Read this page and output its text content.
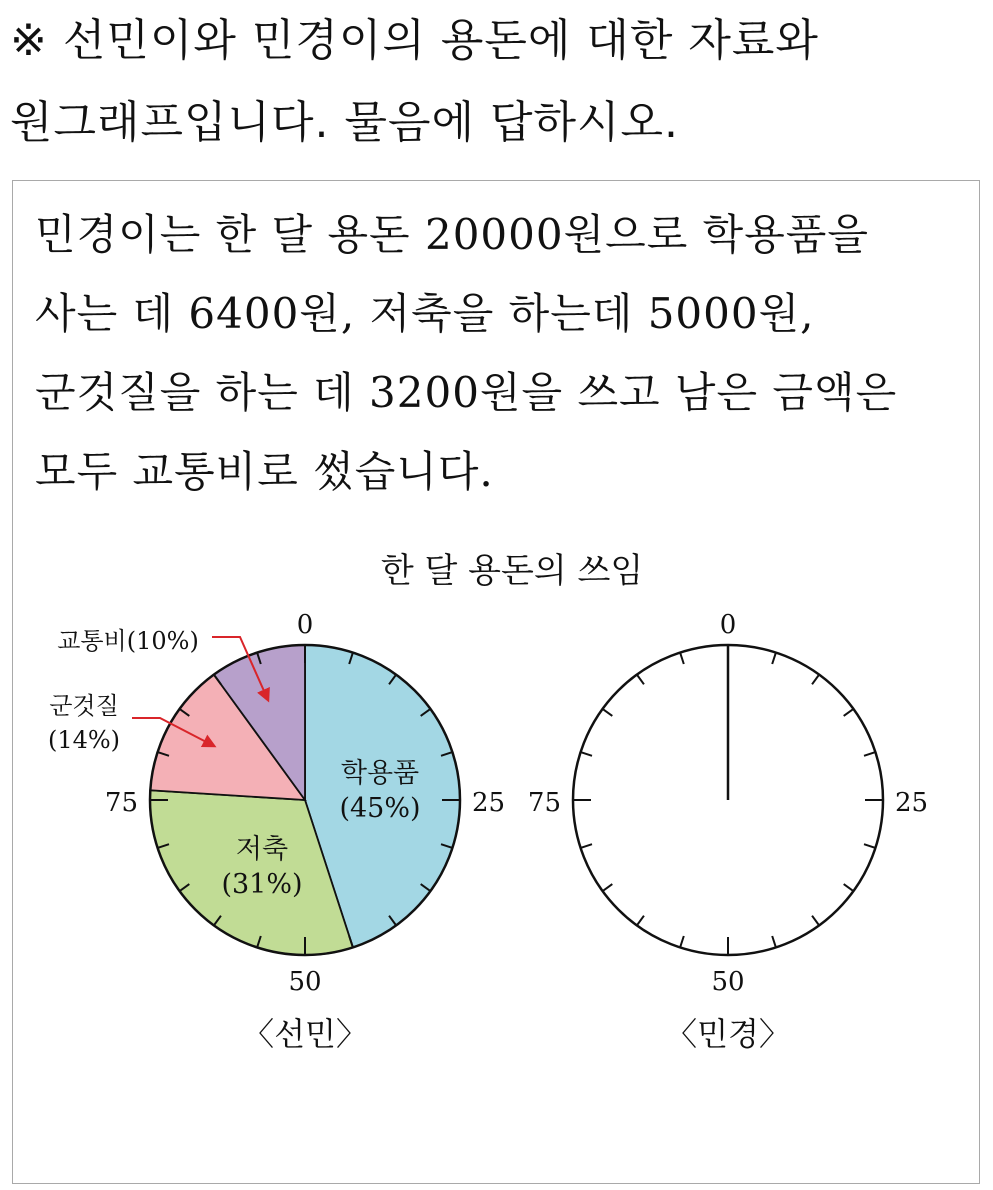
※ 선민이와 민경이의 용돈에 대한 자료와
원그래프입니다. 물음에 답하시오.
민경이는 한 달 용돈 20000원으로 학용품을
사는 데 6400원, 저축을 하는데 5000원,
군것질을 하는 데 3200원을 쓰고 남은 금액은
모두 교통비로 썼습니다.
한 달 용돈의 쓰임
0
25
50
75
학용품
(45%)
저축
(31%)
교통비(10%)
군것질
(14%)
〈선민〉
0
25
50
75
〈민경〉
